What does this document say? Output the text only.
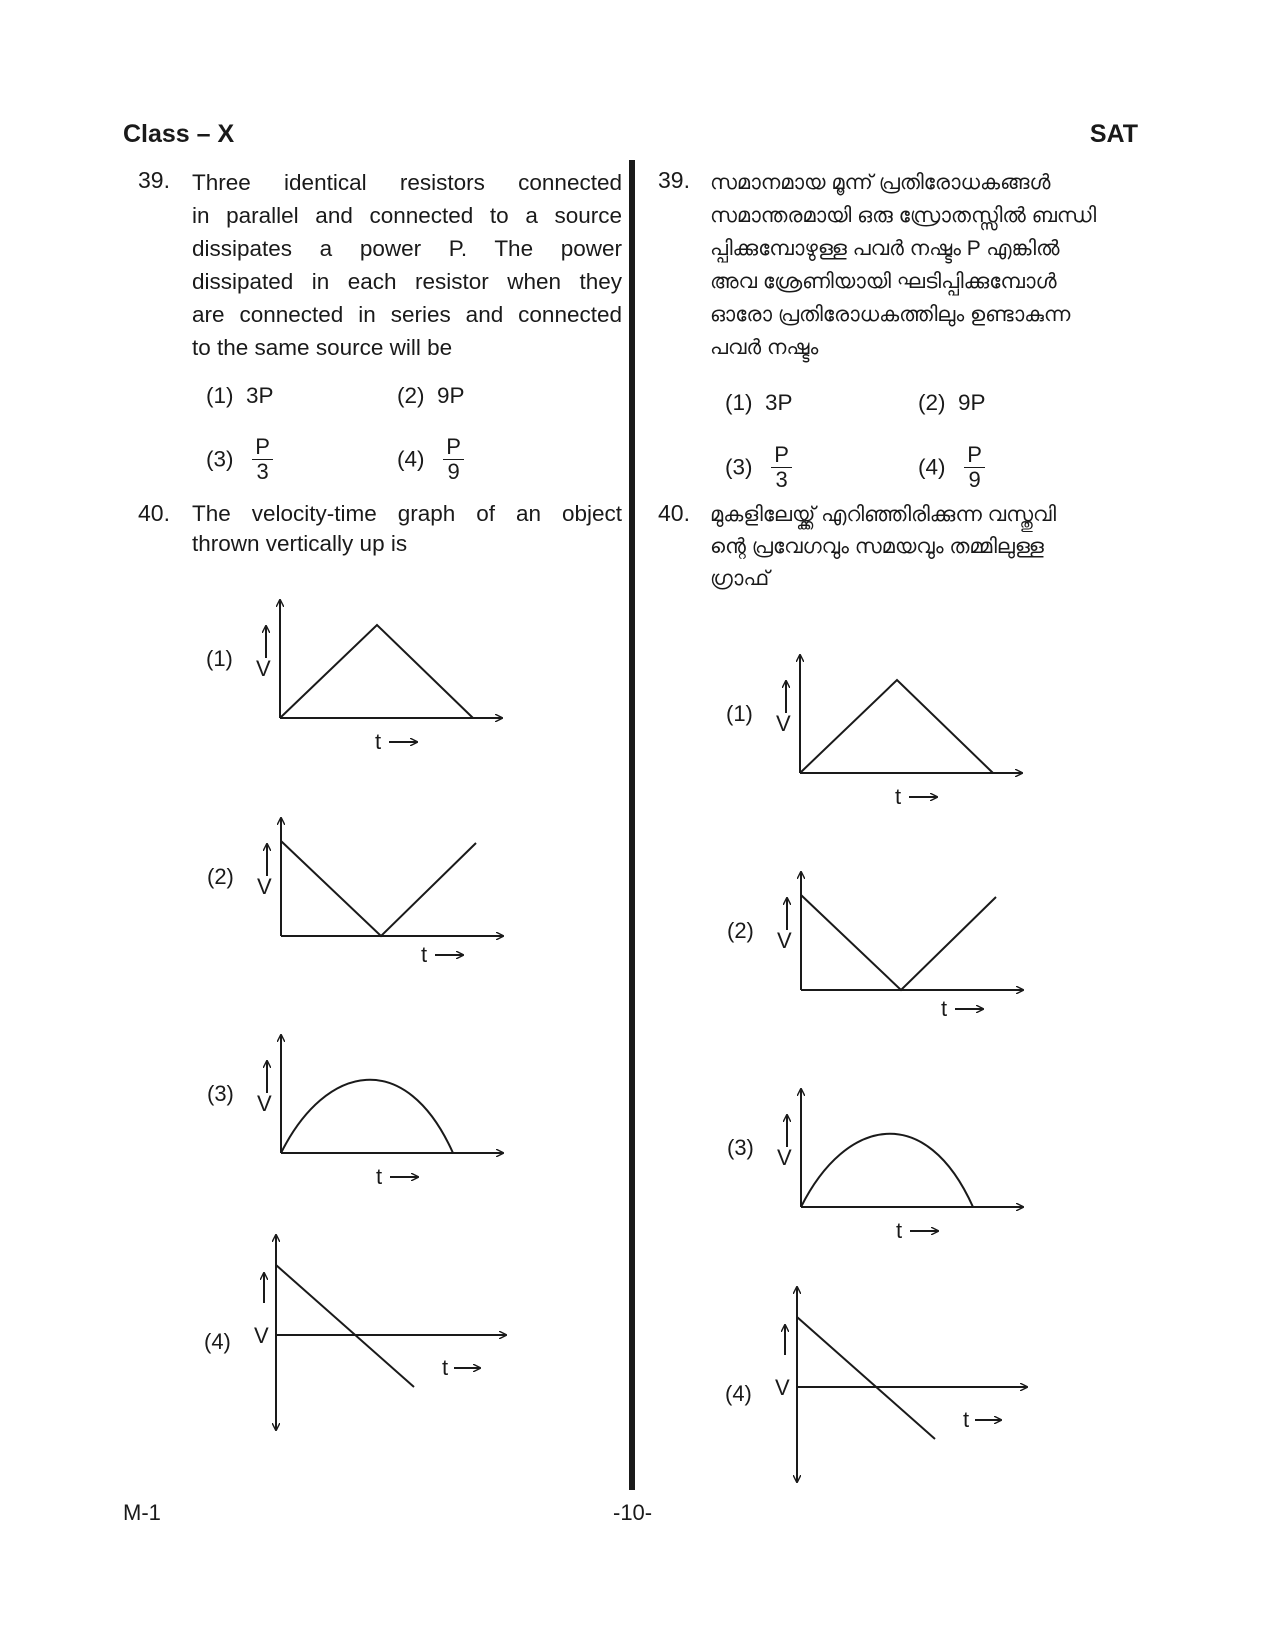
Class – X	SAT
39. Three identical resistors connected
in parallel and connected to a source
dissipates a power P. The power
dissipated in each resistor when they
are connected in series and connected
to the same source will be
(1) 3P	(2) 9P
$(3) \frac{P}{3}$	$(4) \frac{P}{9}$
40. The velocity-time graph of an object
thrown vertically up is
39. സമാനമായ മൂന്ന് പ്രതിരോധകങ്ങൾ
സമാന്തരമായി ഒരു സ്രോതസ്സിൽ ബന്ധി
പ്പിക്കുമ്പോഴുള്ള പവർ നഷ്ടം P എങ്കിൽ
അവ ശ്രേണിയായി ഘടിപ്പിക്കുമ്പോൾ
ഓരോ പ്രതിരോധകത്തിലും ഉണ്ടാകുന്ന
പവർ നഷ്ടം
(1) 3P	(2) 9P
$(3) \frac{P}{3}$	$(4) \frac{P}{9}$
40. മുകളിലേയ്ക്ക് എറിഞ്ഞിരിക്കുന്ന വസ്തുവി
ന്റെ പ്രവേഗവും സമയവും തമ്മിലുള്ള
ഗ്രാഫ്
V
(1)
t
V
(2)
t
V
(3)
t
V
(4)
t
V
(1)
t
V
(2)
t
V
(3)
t
V
(4)
t
M-1	-10-
